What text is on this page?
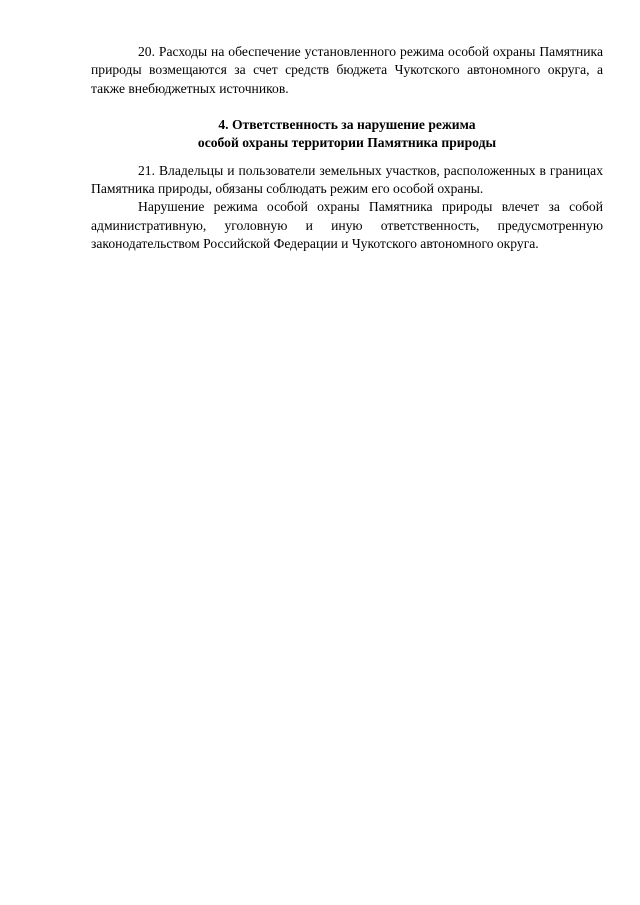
20. Расходы на обеспечение установленного режима особой охраны Памятника природы возмещаются за счет средств бюджета Чукотского автономного округа, а также внебюджетных источников.

4. Ответственность за нарушение режима
особой охраны территории Памятника природы

21. Владельцы и пользователи земельных участков, расположенных в границах Памятника природы, обязаны соблюдать режим его особой охраны.

Нарушение режима особой охраны Памятника природы влечет за собой административную, уголовную и иную ответственность, предусмотренную законодательством Российской Федерации и Чукотского автономного округа.
